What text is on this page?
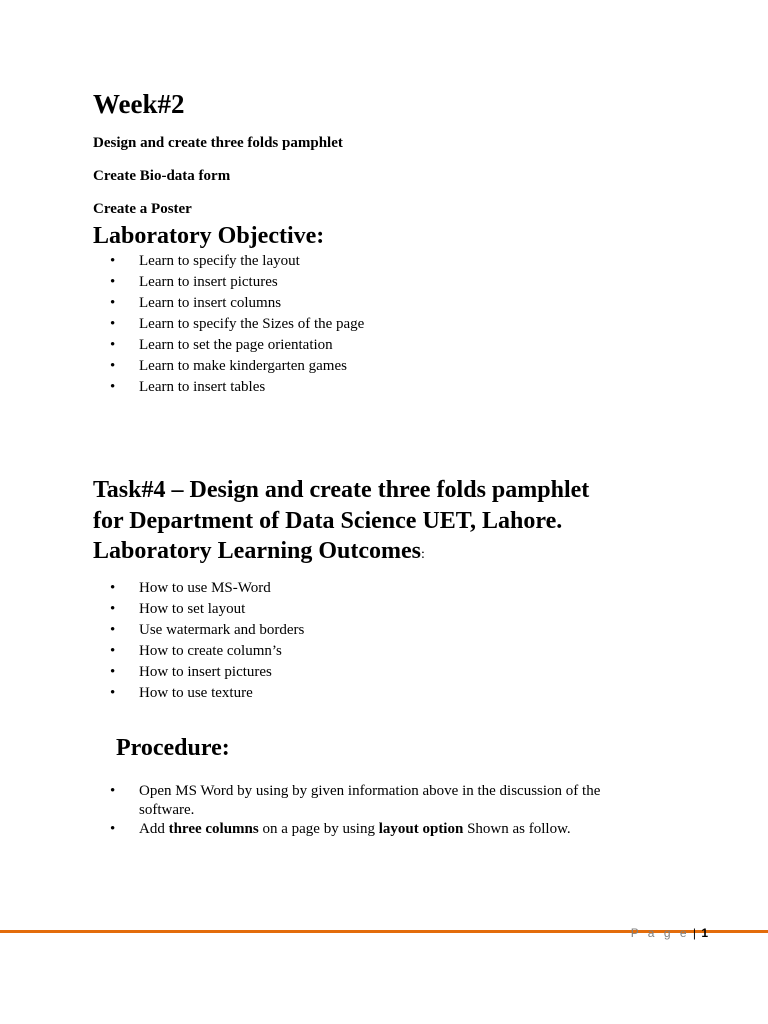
Week#2
Design and create three folds pamphlet
Create Bio-data form
Create a Poster
Laboratory Objective:
• Learn to specify the layout
• Learn to insert pictures
• Learn to insert columns
• Learn to specify the Sizes of the page
• Learn to set the page orientation
• Learn to make kindergarten games
• Learn to insert tables
Task#4 – Design and create three folds pamphlet
for Department of Data Science UET, Lahore.
Laboratory Learning Outcomes:
• How to use MS-Word
• How to set layout
• Use watermark and borders
• How to create column’s
• How to insert pictures
• How to use texture
Procedure:
• Open MS Word by using by given information above in the discussion of the software.
• Add three columns on a page by using layout option Shown as follow.
P a g e | 1
